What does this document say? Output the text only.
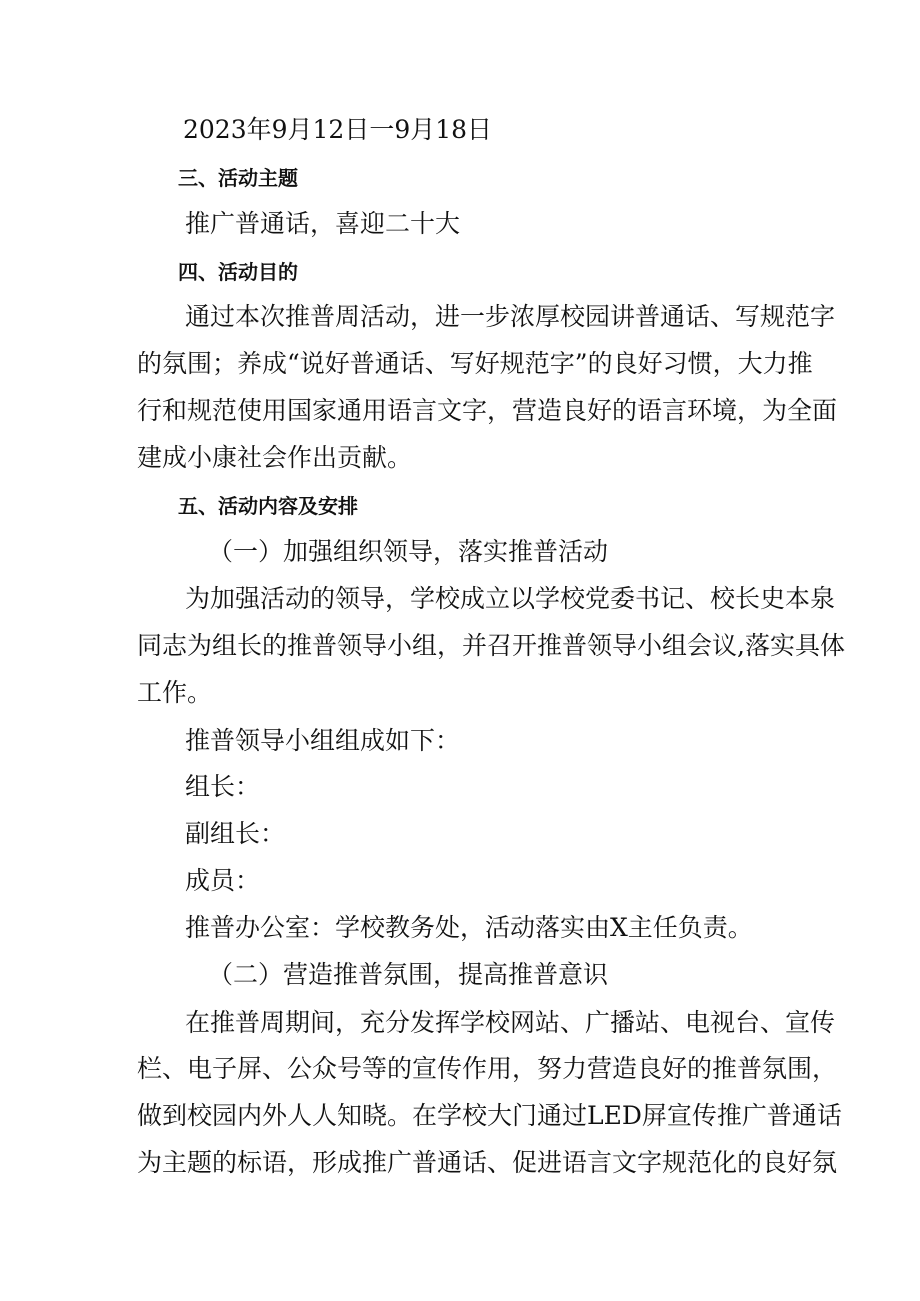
2023年9月12日一9月18日
三、活动主题
推广普通话，喜迎二十大
四、活动目的
通过本次推普周活动，进一步浓厚校园讲普通话、写规范字
的氛围；养成“说好普通话、写好规范字”的良好习惯，大力推
行和规范使用国家通用语言文字，营造良好的语言环境，为全面
建成小康社会作出贡献。
五、活动内容及安排
（一）加强组织领导，落实推普活动
为加强活动的领导，学校成立以学校党委书记、校长史本泉
同志为组长的推普领导小组，并召开推普领导小组会议,落实具体
工作。
推普领导小组组成如下：
组长：
副组长：
成员：
推普办公室：学校教务处，活动落实由X主任负责。
（二）营造推普氛围，提高推普意识
在推普周期间，充分发挥学校网站、广播站、电视台、宣传
栏、电子屏、公众号等的宣传作用，努力营造良好的推普氛围，
做到校园内外人人知晓。在学校大门通过LED屏宣传推广普通话
为主题的标语，形成推广普通话、促进语言文字规范化的良好氛
